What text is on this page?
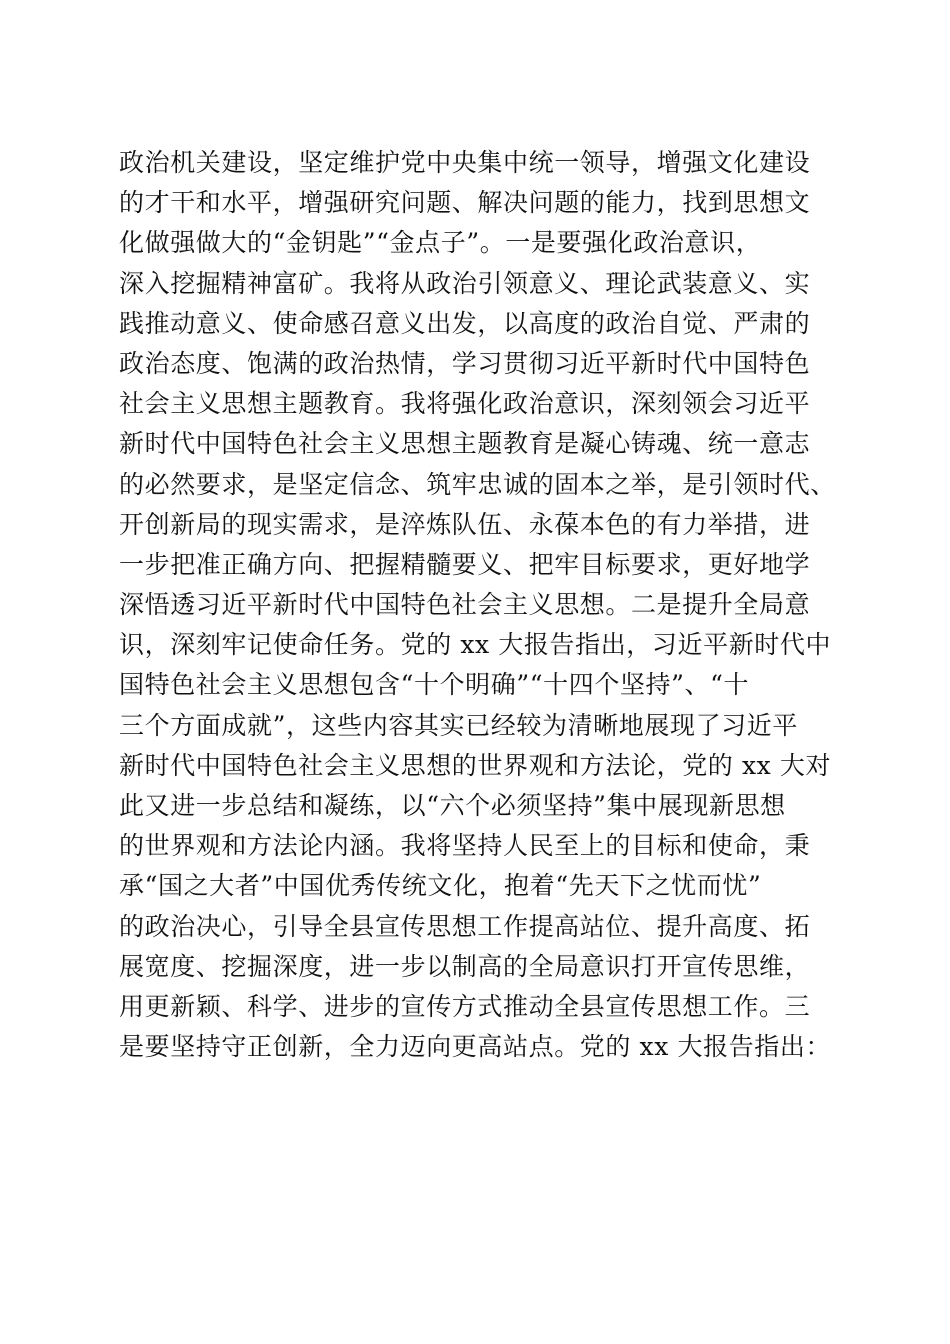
政治机关建设，坚定维护党中央集中统一领导，增强文化建设
的才干和水平，增强研究问题、解决问题的能力，找到思想文
化做强做大的“金钥匙”“金点子”。一是要强化政治意识，
深入挖掘精神富矿。我将从政治引领意义、理论武装意义、实
践推动意义、使命感召意义出发，以高度的政治自觉、严肃的
政治态度、饱满的政治热情，学习贯彻习近平新时代中国特色
社会主义思想主题教育。我将强化政治意识，深刻领会习近平
新时代中国特色社会主义思想主题教育是凝心铸魂、统一意志
的必然要求，是坚定信念、筑牢忠诚的固本之举，是引领时代、
开创新局的现实需求，是淬炼队伍、永葆本色的有力举措，进
一步把准正确方向、把握精髓要义、把牢目标要求，更好地学
深悟透习近平新时代中国特色社会主义思想。二是提升全局意
识，深刻牢记使命任务。党的 xx 大报告指出，习近平新时代中
国特色社会主义思想包含“十个明确”“十四个坚持”、“十
三个方面成就”，这些内容其实已经较为清晰地展现了习近平
新时代中国特色社会主义思想的世界观和方法论，党的 xx 大对
此又进一步总结和凝练，以“六个必须坚持”集中展现新思想
的世界观和方法论内涵。我将坚持人民至上的目标和使命，秉
承“国之大者”中国优秀传统文化，抱着“先天下之忧而忧”
的政治决心，引导全县宣传思想工作提高站位、提升高度、拓
展宽度、挖掘深度，进一步以制高的全局意识打开宣传思维，
用更新颖、科学、进步的宣传方式推动全县宣传思想工作。三
是要坚持守正创新，全力迈向更高站点。党的 xx 大报告指出：
